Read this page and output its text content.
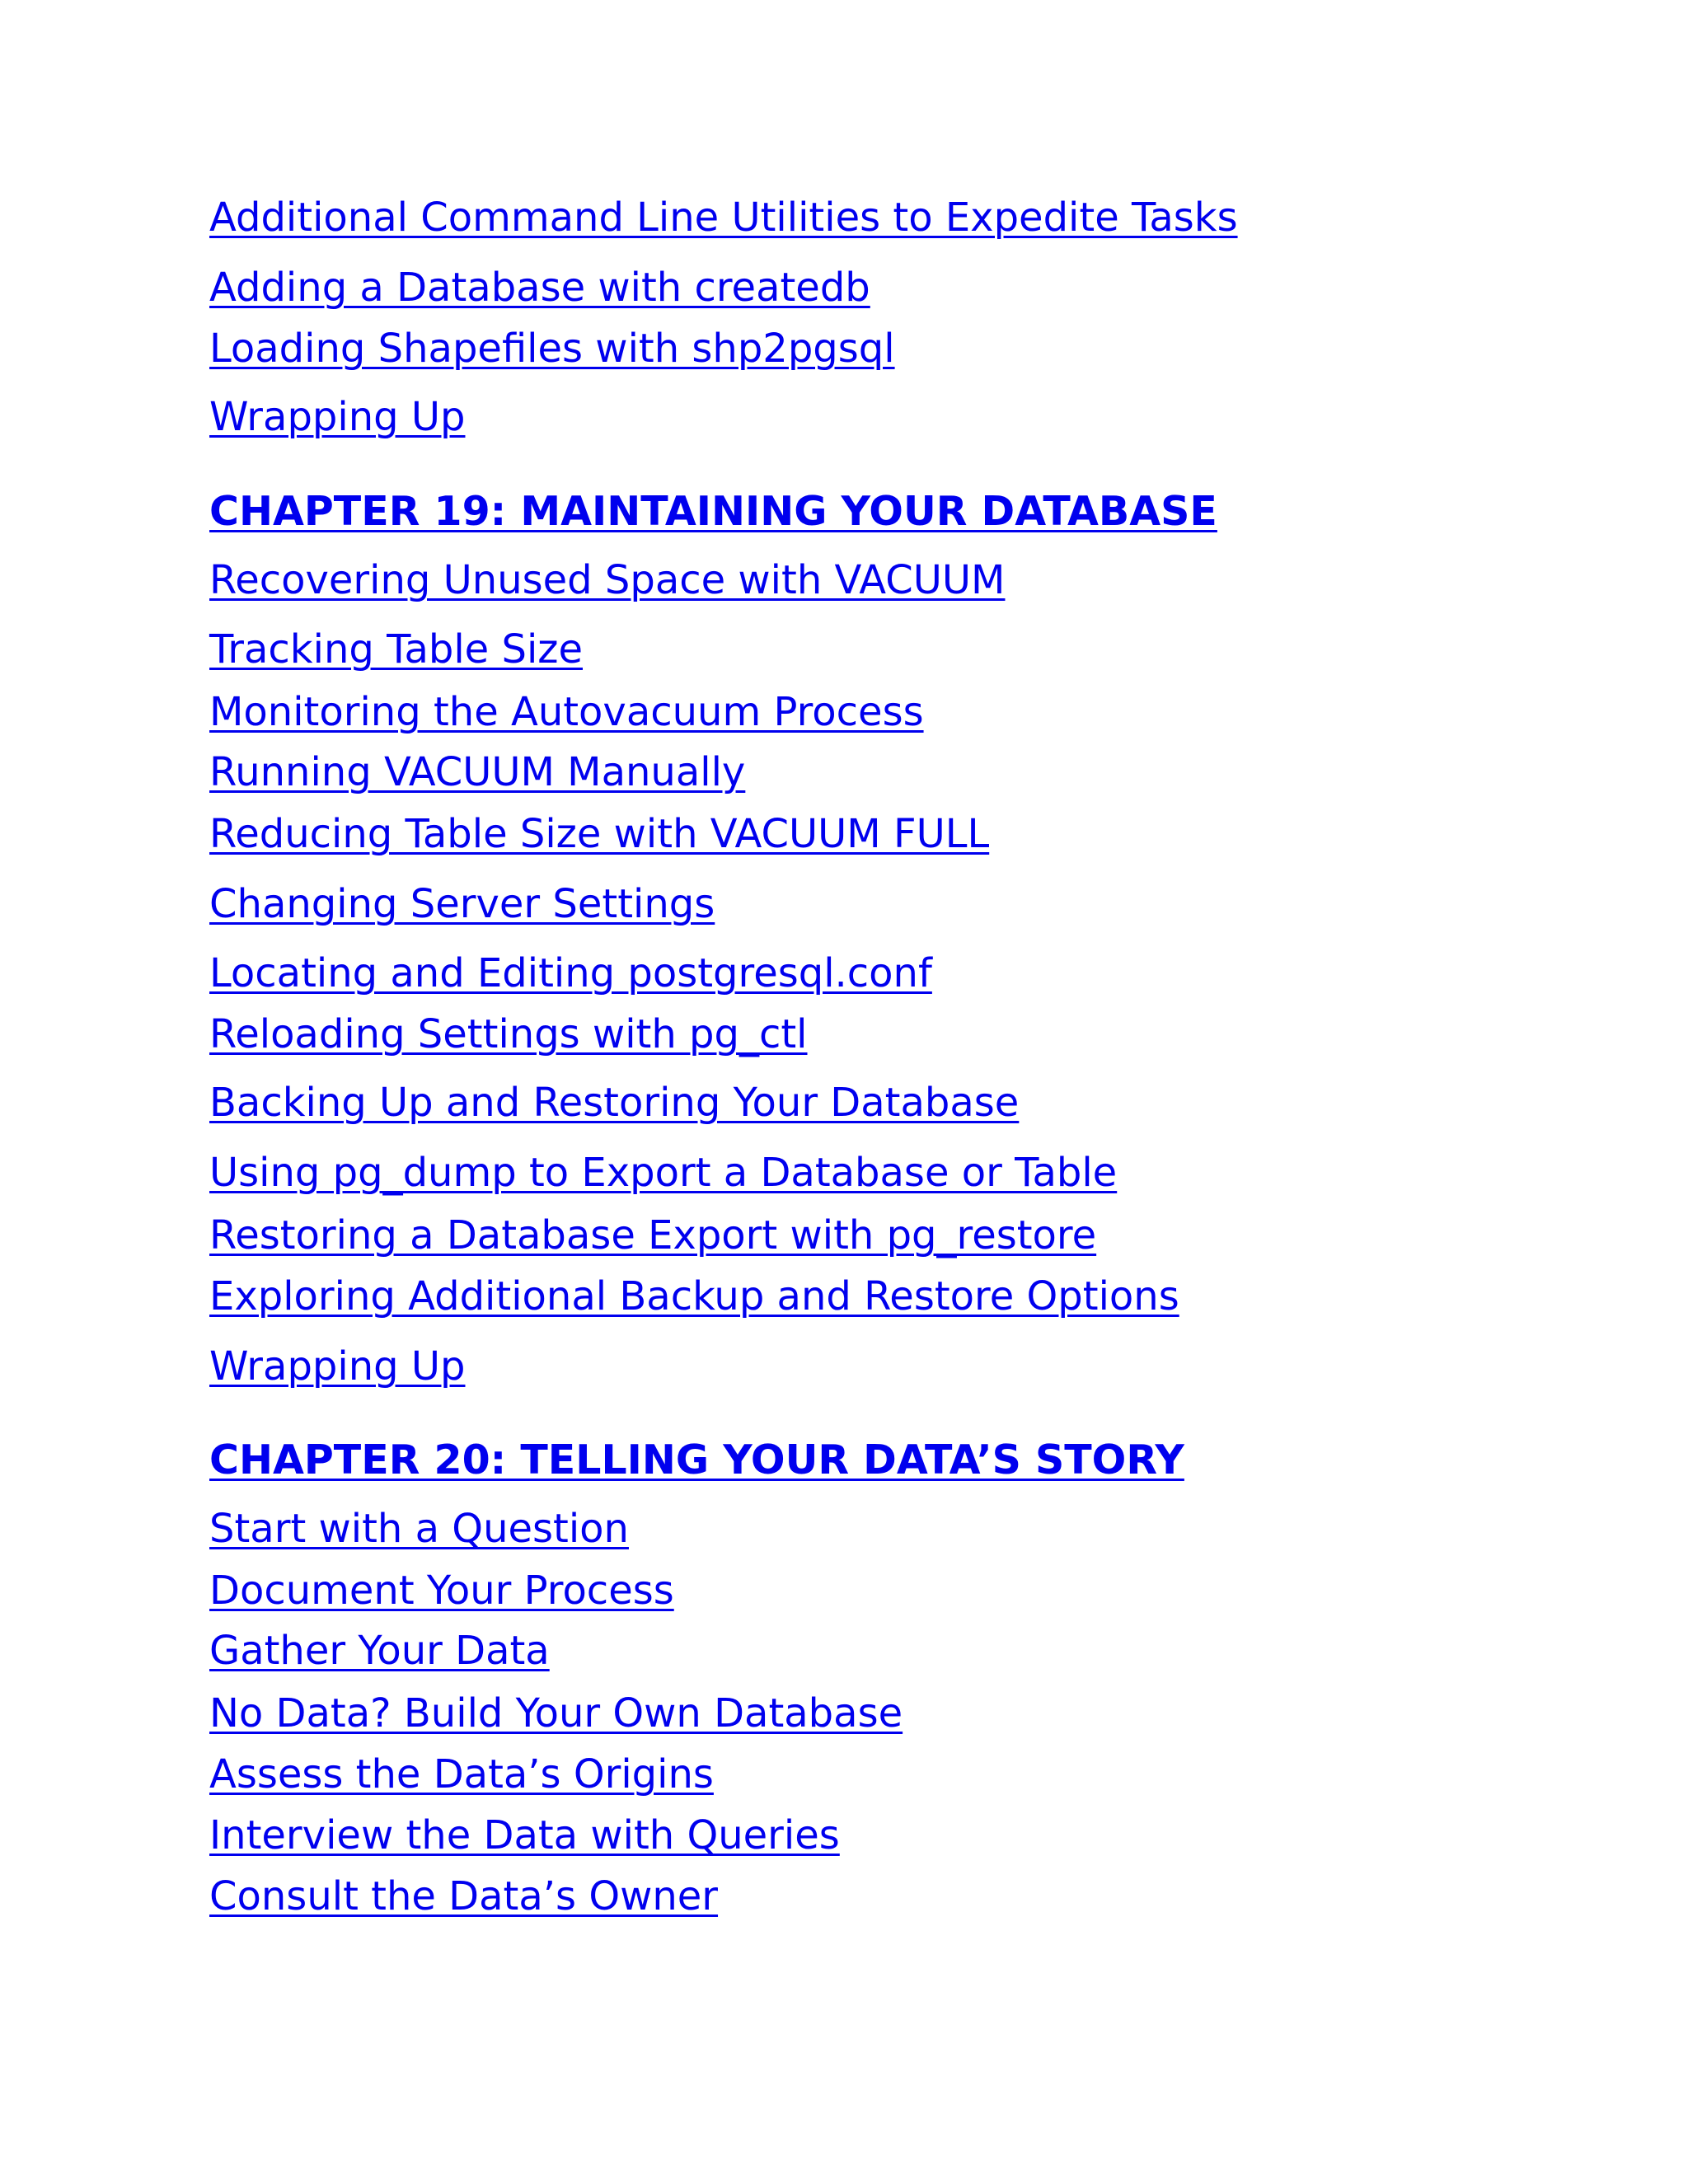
Additional Command Line Utilities to Expedite Tasks
Adding a Database with createdb
Loading Shapefiles with shp2pgsql
Wrapping Up
CHAPTER 19: MAINTAINING YOUR DATABASE
Recovering Unused Space with VACUUM
Tracking Table Size
Monitoring the Autovacuum Process
Running VACUUM Manually
Reducing Table Size with VACUUM FULL
Changing Server Settings
Locating and Editing postgresql.conf
Reloading Settings with pg_ctl
Backing Up and Restoring Your Database
Using pg_dump to Export a Database or Table
Restoring a Database Export with pg_restore
Exploring Additional Backup and Restore Options
Wrapping Up
CHAPTER 20: TELLING YOUR DATA’S STORY
Start with a Question
Document Your Process
Gather Your Data
No Data? Build Your Own Database
Assess the Data’s Origins
Interview the Data with Queries
Consult the Data’s Owner
